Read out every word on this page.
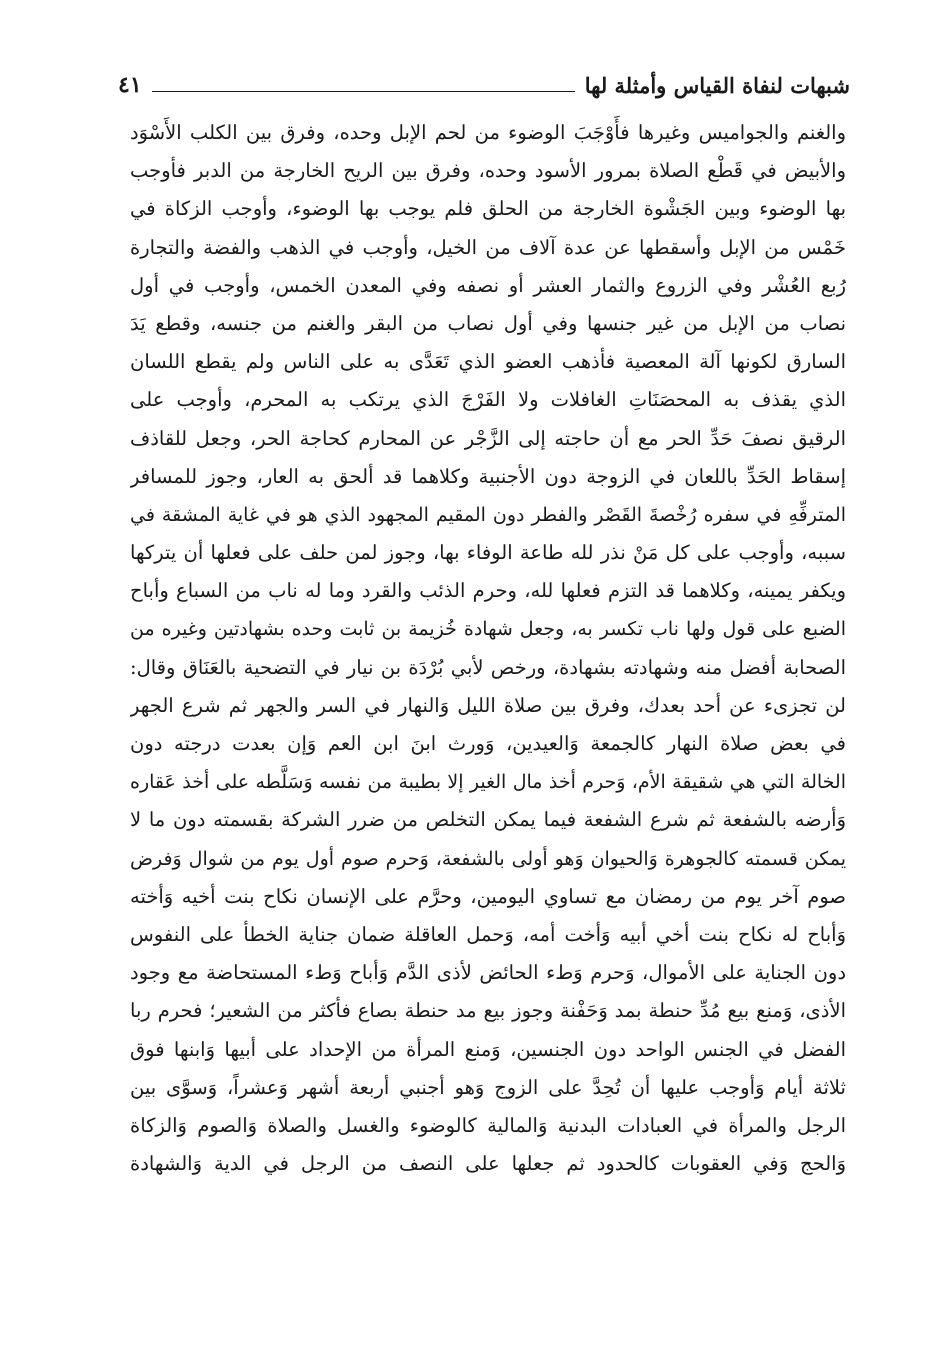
شبهات لنفاة القياس وأمثلة لها
٤١
والغنم والجواميس وغيرها فأَوْجَبَ الوضوء من لحم الإبل وحده، وفرق بين الكلب الأَسْوَد
والأبيض في قَطْع الصلاة بمرور الأسود وحده، وفرق بين الريح الخارجة من الدبر فأوجب
بها الوضوء وبين الجَشْوة الخارجة من الحلق فلم يوجب بها الوضوء، وأوجب الزكاة في
خَمْس من الإبل وأسقطها عن عدة آلاف من الخيل، وأوجب في الذهب والفضة والتجارة
رُبع العُشْر وفي الزروع والثمار العشر أو نصفه وفي المعدن الخمس، وأوجب في أول
نصاب من الإبل من غير جنسها وفي أول نصاب من البقر والغنم من جنسه، وقطع يَدَ
السارق لكونها آلة المعصية فأذهب العضو الذي تَعَدَّى به على الناس ولم يقطع اللسان
الذي يقذف به المحصَنَاتِ الغافلات ولا الفَرْجَ الذي يرتكب به المحرم، وأوجب على
الرقيق نصفَ حَدِّ الحر مع أن حاجته إلى الزَّجْر عن المحارم كحاجة الحر، وجعل للقاذف
إسقاط الحَدِّ باللعان في الزوجة دون الأجنبية وكلاهما قد ألحق به العار، وجوز للمسافر
المترفِّهِ في سفره رُخْصةَ القَصْر والفطر دون المقيم المجهود الذي هو في غاية المشقة في
سببه، وأوجب على كل مَنْ نذر لله طاعة الوفاء بها، وجوز لمن حلف على فعلها أن يتركها
ويكفر يمينه، وكلاهما قد التزم فعلها لله، وحرم الذئب والقرد وما له ناب من السباع وأباح
الضبع على قول ولها ناب تكسر به، وجعل شهادة خُزيمة بن ثابت وحده بشهادتين وغيره من
الصحابة أفضل منه وشهادته بشهادة، ورخص لأبي بُرْدَة بن نيار في التضحية بالعَنَاق وقال:
لن تجزىء عن أحد بعدك، وفرق بين صلاة الليل وَالنهار في السر والجهر ثم شرع الجهر
في بعض صلاة النهار كالجمعة وَالعيدين، وَورث ابنَ ابن العم وَإن بعدت درجته دون
الخالة التي هي شقيقة الأم، وَحرم أخذ مال الغير إلا بطيبة من نفسه وَسَلَّطه على أخذ عَقاره
وَأرضه بالشفعة ثم شرع الشفعة فيما يمكن التخلص من ضرر الشركة بقسمته دون ما لا
يمكن قسمته كالجوهرة وَالحيوان وَهو أولى بالشفعة، وَحرم صوم أول يوم من شوال وَفرض
صوم آخر يوم من رمضان مع تساوي اليومين، وحرَّم على الإنسان نكاح بنت أخيه وَأخته
وَأباح له نكاح بنت أخي أبيه وَأخت أمه، وَحمل العاقلة ضمان جناية الخطأ على النفوس
دون الجناية على الأموال، وَحرم وَطء الحائض لأذى الدَّم وَأباح وَطء المستحاضة مع وجود
الأذى، وَمنع بيع مُدِّ حنطة بمد وَحَفْنة وجوز بيع مد حنطة بصاع فأكثر من الشعير؛ فحرم ربا
الفضل في الجنس الواحد دون الجنسين، وَمنع المرأة من الإحداد على أبيها وَابنها فوق
ثلاثة أيام وَأوجب عليها أن تُحِدَّ على الزوج وَهو أجنبي أربعة أشهر وَعشراً، وَسوَّى بين
الرجل والمرأة في العبادات البدنية وَالمالية كالوضوء والغسل والصلاة وَالصوم وَالزكاة
وَالحج وَفي العقوبات كالحدود ثم جعلها على النصف من الرجل في الدية وَالشهادة
